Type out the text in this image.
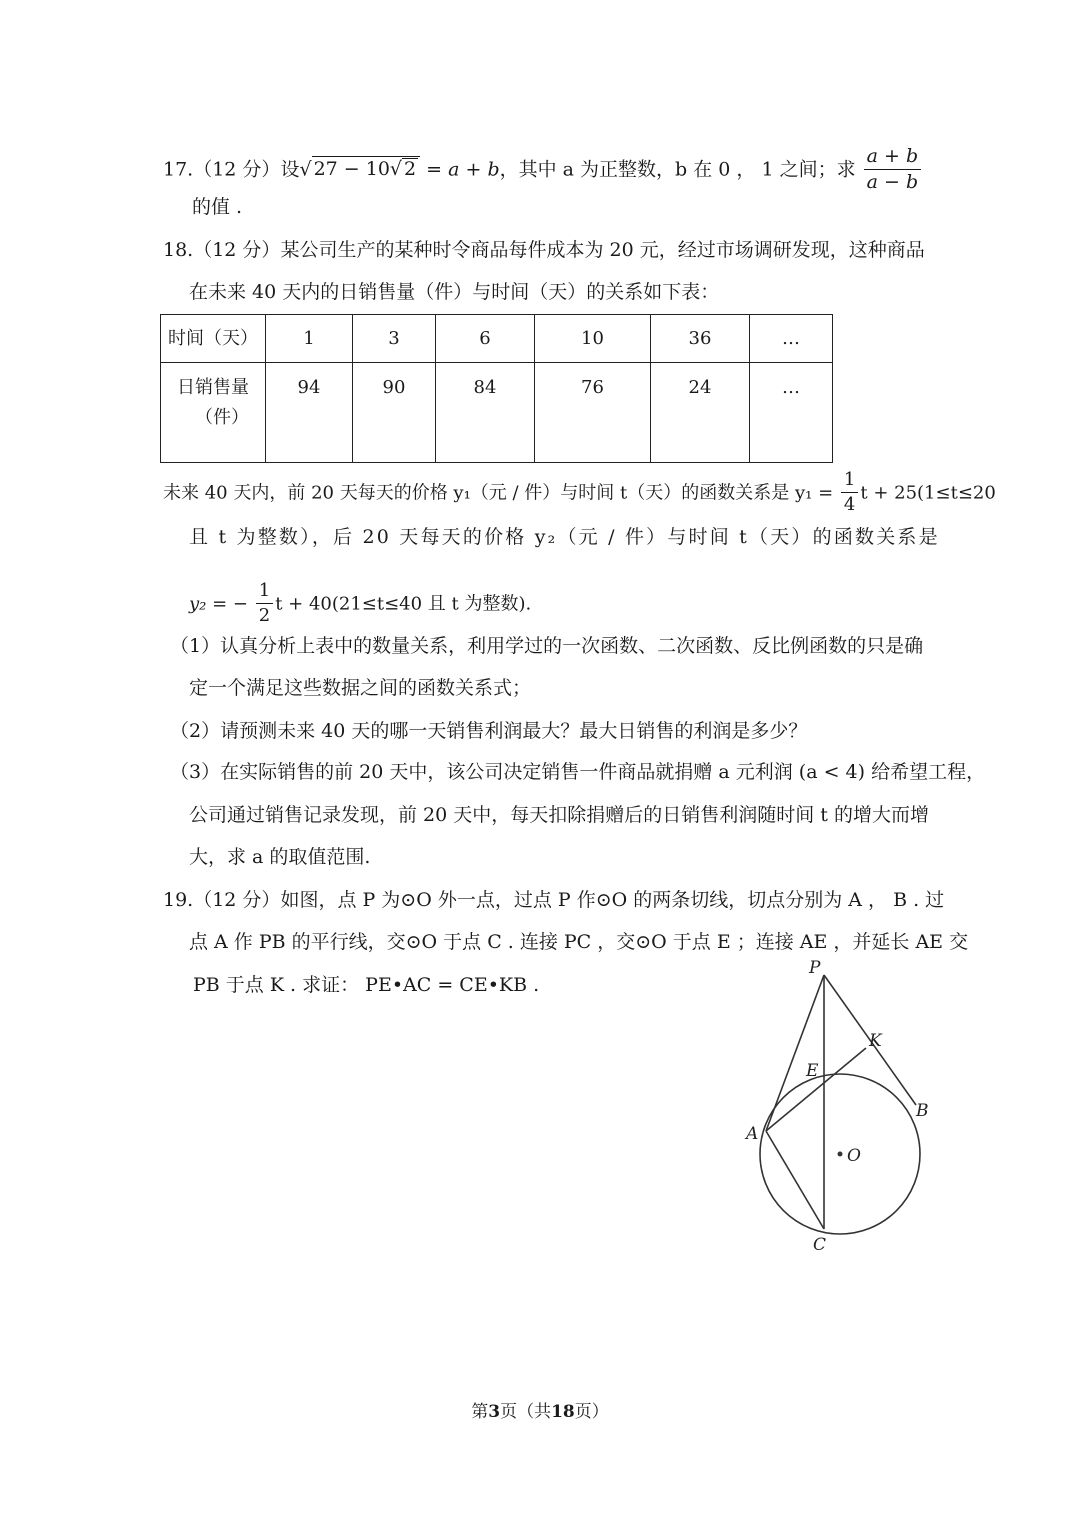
17.（12 分）设√ 27 − 10√ 2 = a + b，其中 a 为正整数，b 在 0 ， 1 之间；求 $\frac{a + b}{a - b}$
的值 .
18.（12 分）某公司生产的某种时令商品每件成本为 20 元，经过市场调研发现，这种商品
在未来 40 天内的日销售量（件）与时间（天）的关系如下表：
时间（天）	1	3	6	10	36	…

日销售量
（件）	94	90	84	76	24	…
未来 40 天内，前 20 天每天的价格 y₁（元 / 件）与时间 t（天）的函数关系是 $y_1 = \frac{1}{4}$ t + 25(1≤t≤20
且 t 为整数），后 20 天每天的价格 y₂（元 / 件）与时间 t（天）的函数关系是
y₂ = − $\frac{1}{2}$ t + 40(21≤t≤40 且 t 为整数).
（1）认真分析上表中的数量关系，利用学过的一次函数、二次函数、反比例函数的只是确
定一个满足这些数据之间的函数关系式；
（2）请预测未来 40 天的哪一天销售利润最大？最大日销售的利润是多少？
（3）在实际销售的前 20 天中，该公司决定销售一件商品就捐赠 a 元利润 (a < 4) 给希望工程，
公司通过销售记录发现，前 20 天中，每天扣除捐赠后的日销售利润随时间 t 的增大而增
大，求 a 的取值范围.
19.（12 分）如图，点 P 为⊙O 外一点，过点 P 作⊙O 的两条切线，切点分别为 A ， B . 过
点 A 作 PB 的平行线，交⊙O 于点 C . 连接 PC ，交⊙O 于点 E ；连接 AE ，并延长 AE 交
PB 于点 K . 求证： PE•AC = CE•KB .
P
K
E
B
A
O
C
第3页（共18页）
